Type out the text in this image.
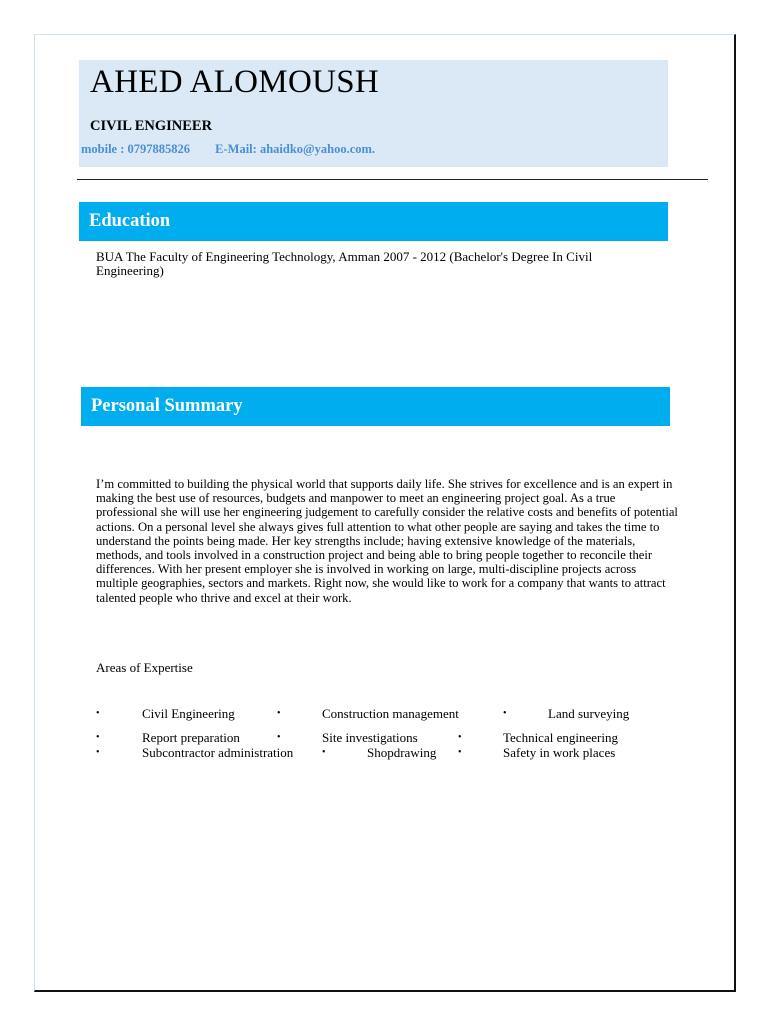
AHED ALOMOUSH
CIVIL ENGINEER
mobile : 0797885826 E-Mail: ahaidko@yahoo.com.
Education
BUA The Faculty of Engineering Technology, Amman 2007 - 2012 (Bachelor's Degree In Civil Engineering)
Personal Summary
I’m committed to building the physical world that supports daily life. She strives for excellence and is an expert in making the best use of resources, budgets and manpower to meet an engineering project goal. As a true professional she will use her engineering judgement to carefully consider the relative costs and benefits of potential actions. On a personal level she always gives full attention to what other people are saying and takes the time to understand the points being made. Her key strengths include; having extensive knowledge of the materials, methods, and tools involved in a construction project and being able to bring people together to reconcile their differences. With her present employer she is involved in working on large, multi-discipline projects across multiple geographies, sectors and markets. Right now, she would like to work for a company that wants to attract talented people who thrive and excel at their work.
Areas of Expertise
•	Civil Engineering	•	Construction management	•	Land surveying
•	Report preparation	•	Site investigations	•	Technical engineering
•	Subcontractor administration	•	Shopdrawing •	Safety in work places
